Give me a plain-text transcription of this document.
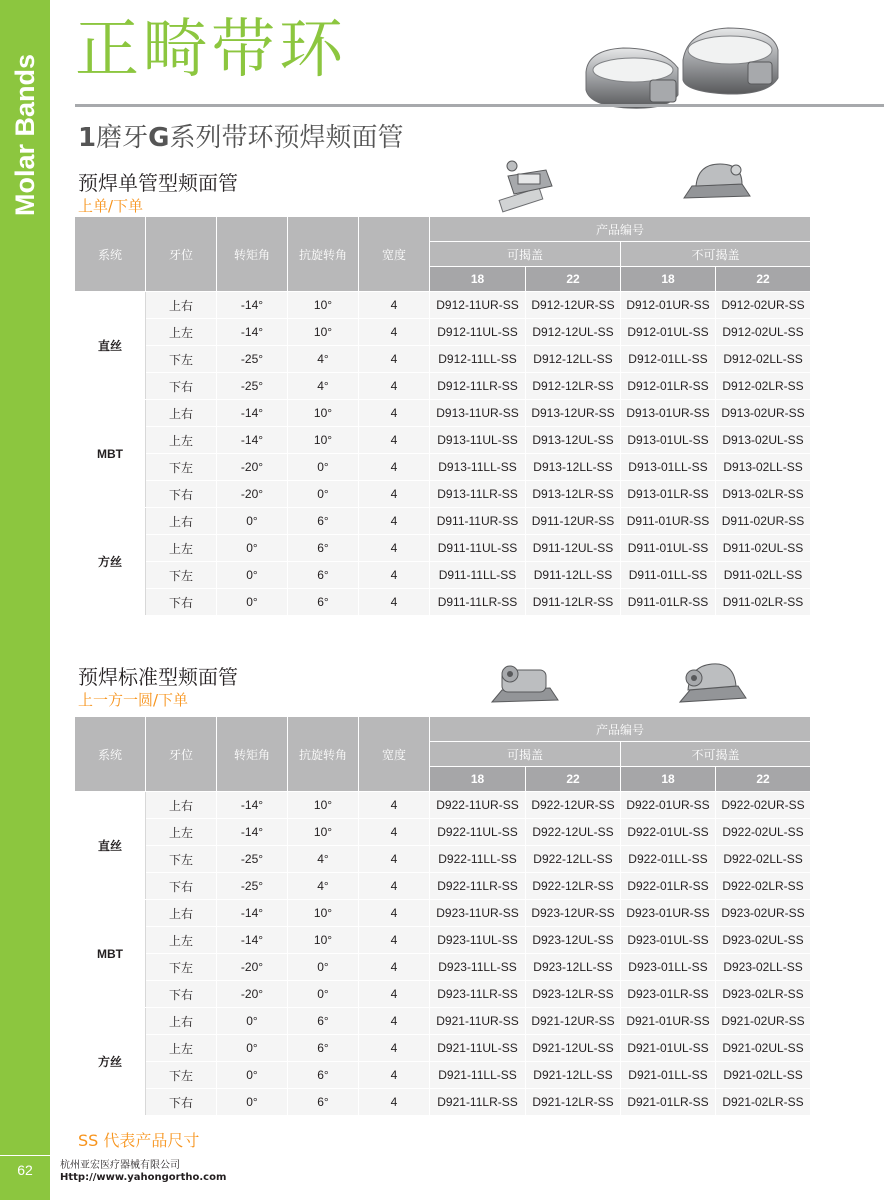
Molar Bands
62
正畸带环
1磨牙G系列带环预焊颊面管
预焊单管型颊面管
上单/下单
系统	牙位	转矩角	抗旋转角	宽度	产品编号			
					可揭盖		不可揭盖	
					18	22	18	22
直丝	上右	-14°	10°	4	D912-11UR-SS	D912-12UR-SS	D912-01UR-SS	D912-02UR-SS
	上左	-14°	10°	4	D912-11UL-SS	D912-12UL-SS	D912-01UL-SS	D912-02UL-SS
	下左	-25°	4°	4	D912-11LL-SS	D912-12LL-SS	D912-01LL-SS	D912-02LL-SS
	下右	-25°	4°	4	D912-11LR-SS	D912-12LR-SS	D912-01LR-SS	D912-02LR-SS
MBT	上右	-14°	10°	4	D913-11UR-SS	D913-12UR-SS	D913-01UR-SS	D913-02UR-SS
	上左	-14°	10°	4	D913-11UL-SS	D913-12UL-SS	D913-01UL-SS	D913-02UL-SS
	下左	-20°	0°	4	D913-11LL-SS	D913-12LL-SS	D913-01LL-SS	D913-02LL-SS
	下右	-20°	0°	4	D913-11LR-SS	D913-12LR-SS	D913-01LR-SS	D913-02LR-SS
方丝	上右	0°	6°	4	D911-11UR-SS	D911-12UR-SS	D911-01UR-SS	D911-02UR-SS
	上左	0°	6°	4	D911-11UL-SS	D911-12UL-SS	D911-01UL-SS	D911-02UL-SS
	下左	0°	6°	4	D911-11LL-SS	D911-12LL-SS	D911-01LL-SS	D911-02LL-SS
	下右	0°	6°	4	D911-11LR-SS	D911-12LR-SS	D911-01LR-SS	D911-02LR-SS
预焊标准型颊面管
上一方一圆/下单
系统	牙位	转矩角	抗旋转角	宽度	产品编号			
					可揭盖		不可揭盖	
					18	22	18	22
直丝	上右	-14°	10°	4	D922-11UR-SS	D922-12UR-SS	D922-01UR-SS	D922-02UR-SS
	上左	-14°	10°	4	D922-11UL-SS	D922-12UL-SS	D922-01UL-SS	D922-02UL-SS
	下左	-25°	4°	4	D922-11LL-SS	D922-12LL-SS	D922-01LL-SS	D922-02LL-SS
	下右	-25°	4°	4	D922-11LR-SS	D922-12LR-SS	D922-01LR-SS	D922-02LR-SS
MBT	上右	-14°	10°	4	D923-11UR-SS	D923-12UR-SS	D923-01UR-SS	D923-02UR-SS
	上左	-14°	10°	4	D923-11UL-SS	D923-12UL-SS	D923-01UL-SS	D923-02UL-SS
	下左	-20°	0°	4	D923-11LL-SS	D923-12LL-SS	D923-01LL-SS	D923-02LL-SS
	下右	-20°	0°	4	D923-11LR-SS	D923-12LR-SS	D923-01LR-SS	D923-02LR-SS
方丝	上右	0°	6°	4	D921-11UR-SS	D921-12UR-SS	D921-01UR-SS	D921-02UR-SS
	上左	0°	6°	4	D921-11UL-SS	D921-12UL-SS	D921-01UL-SS	D921-02UL-SS
	下左	0°	6°	4	D921-11LL-SS	D921-12LL-SS	D921-01LL-SS	D921-02LL-SS
	下右	0°	6°	4	D921-11LR-SS	D921-12LR-SS	D921-01LR-SS	D921-02LR-SS
SS 代表产品尺寸
杭州亚宏医疗器械有限公司
Http://www.yahongortho.com
